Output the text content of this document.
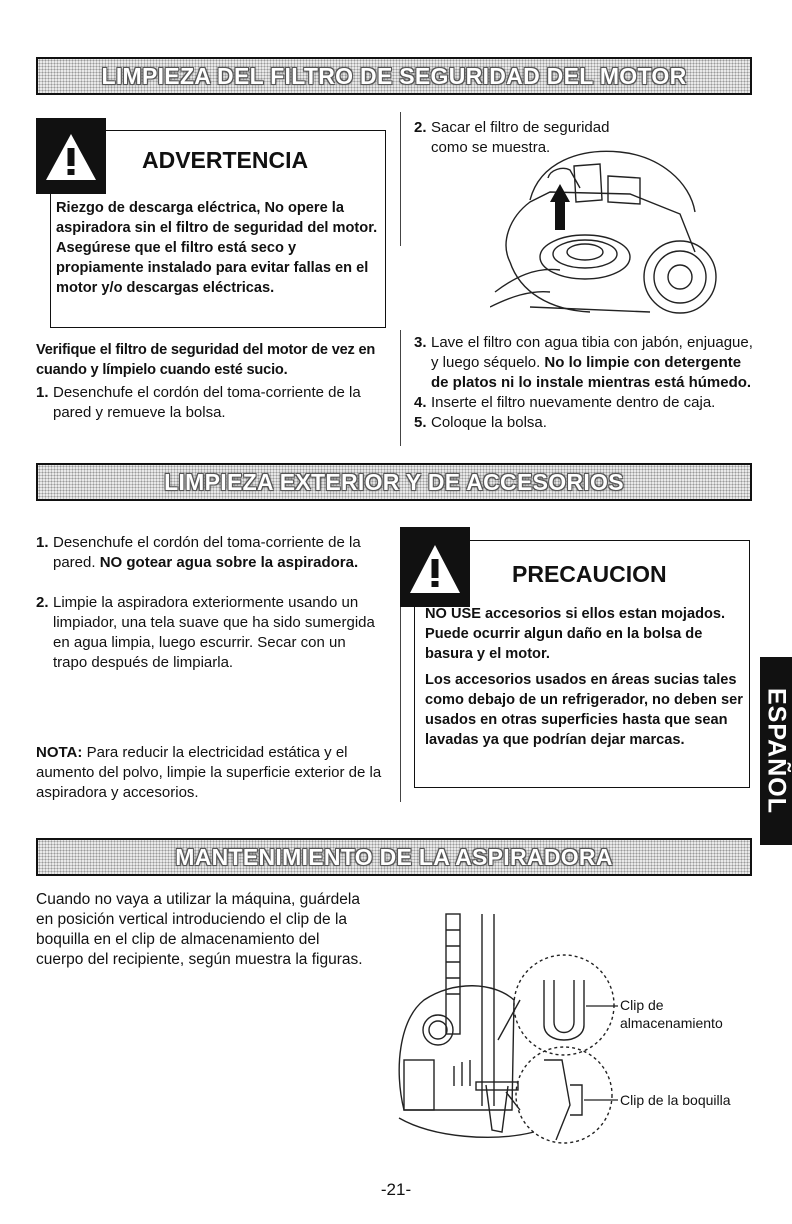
LIMPIEZA DEL FILTRO DE SEGURIDAD DEL MOTOR
ADVERTENCIA
Riezgo de descarga eléctrica, No opere la aspiradora sin el filtro de seguridad del motor. Asegúrese que el filtro está seco y propiamente instalado para evitar fallas en el motor y/o descargas eléctricas.
Verifique el filtro de seguridad del motor de vez en cuando y límpielo cuando esté sucio.
1. Desenchufe el cordón del toma-corriente de la pared y remueve la bolsa.
2. Sacar el filtro de seguridad como se muestra.
3. Lave el filtro con agua tibia con jabón, enjuague, y luego séquelo. No lo limpie con detergente de platos ni lo instale mientras está húmedo.
4. Inserte el filtro nuevamente dentro de caja.
5. Coloque la bolsa.
LIMPIEZA EXTERIOR Y DE ACCESORIOS
1. Desenchufe el cordón del toma-corriente de la pared. NO gotear agua sobre la aspiradora.
2. Limpie la aspiradora exteriormente usando un limpiador, una tela suave que ha sido sumergida en agua limpia, luego escurrir. Secar con un trapo después de limpiarla.
NOTA: Para reducir la electricidad estática y el aumento del polvo, limpie la superficie exterior de la aspiradora y accesorios.
PRECAUCION
NO USE accesorios si ellos estan mojados. Puede ocurrir algun daño en la bolsa de basura y el motor.
Los accesorios usados en áreas sucias tales como debajo de un refrigerador, no deben ser usados en otras superficies hasta que sean lavadas ya que podrían dejar marcas.	ESPAÑOL
MANTENIMIENTO DE LA ASPIRADORA
Cuando no vaya a utilizar la máquina, guárdela en posición vertical introduciendo el clip de la boquilla en el clip de almacenamiento del cuerpo del recipiente, según muestra la figuras.
Clip de almacenamiento
Clip de la boquilla
-21-
